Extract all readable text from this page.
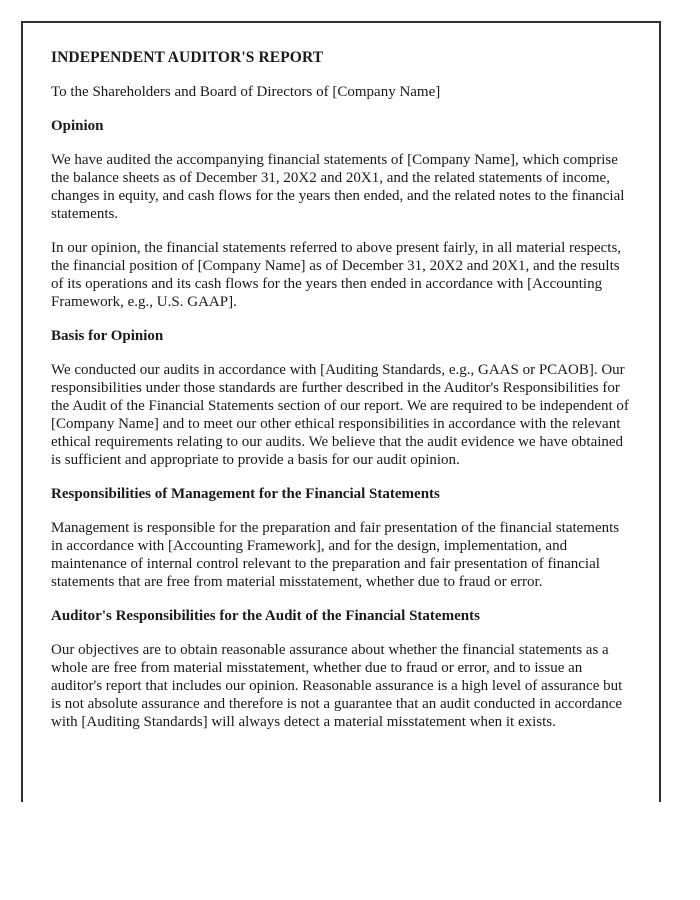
INDEPENDENT AUDITOR'S REPORT

To the Shareholders and Board of Directors of [Company Name]

Opinion

We have audited the accompanying financial statements of [Company Name], which comprise the balance sheets as of December 31, 20X2 and 20X1, and the related statements of income, changes in equity, and cash flows for the years then ended, and the related notes to the financial statements.

In our opinion, the financial statements referred to above present fairly, in all material respects, the financial position of [Company Name] as of December 31, 20X2 and 20X1, and the results of its operations and its cash flows for the years then ended in accordance with [Accounting Framework, e.g., U.S. GAAP].

Basis for Opinion

We conducted our audits in accordance with [Auditing Standards, e.g., GAAS or PCAOB]. Our responsibilities under those standards are further described in the Auditor's Responsibilities for the Audit of the Financial Statements section of our report. We are required to be independent of [Company Name] and to meet our other ethical responsibilities in accordance with the relevant ethical requirements relating to our audits. We believe that the audit evidence we have obtained is sufficient and appropriate to provide a basis for our audit opinion.

Responsibilities of Management for the Financial Statements

Management is responsible for the preparation and fair presentation of the financial statements in accordance with [Accounting Framework], and for the design, implementation, and maintenance of internal control relevant to the preparation and fair presentation of financial statements that are free from material misstatement, whether due to fraud or error.

Auditor's Responsibilities for the Audit of the Financial Statements

Our objectives are to obtain reasonable assurance about whether the financial statements as a whole are free from material misstatement, whether due to fraud or error, and to issue an auditor's report that includes our opinion. Reasonable assurance is a high level of assurance but is not absolute assurance and therefore is not a guarantee that an audit conducted in accordance with [Auditing Standards] will always detect a material misstatement when it exists.
